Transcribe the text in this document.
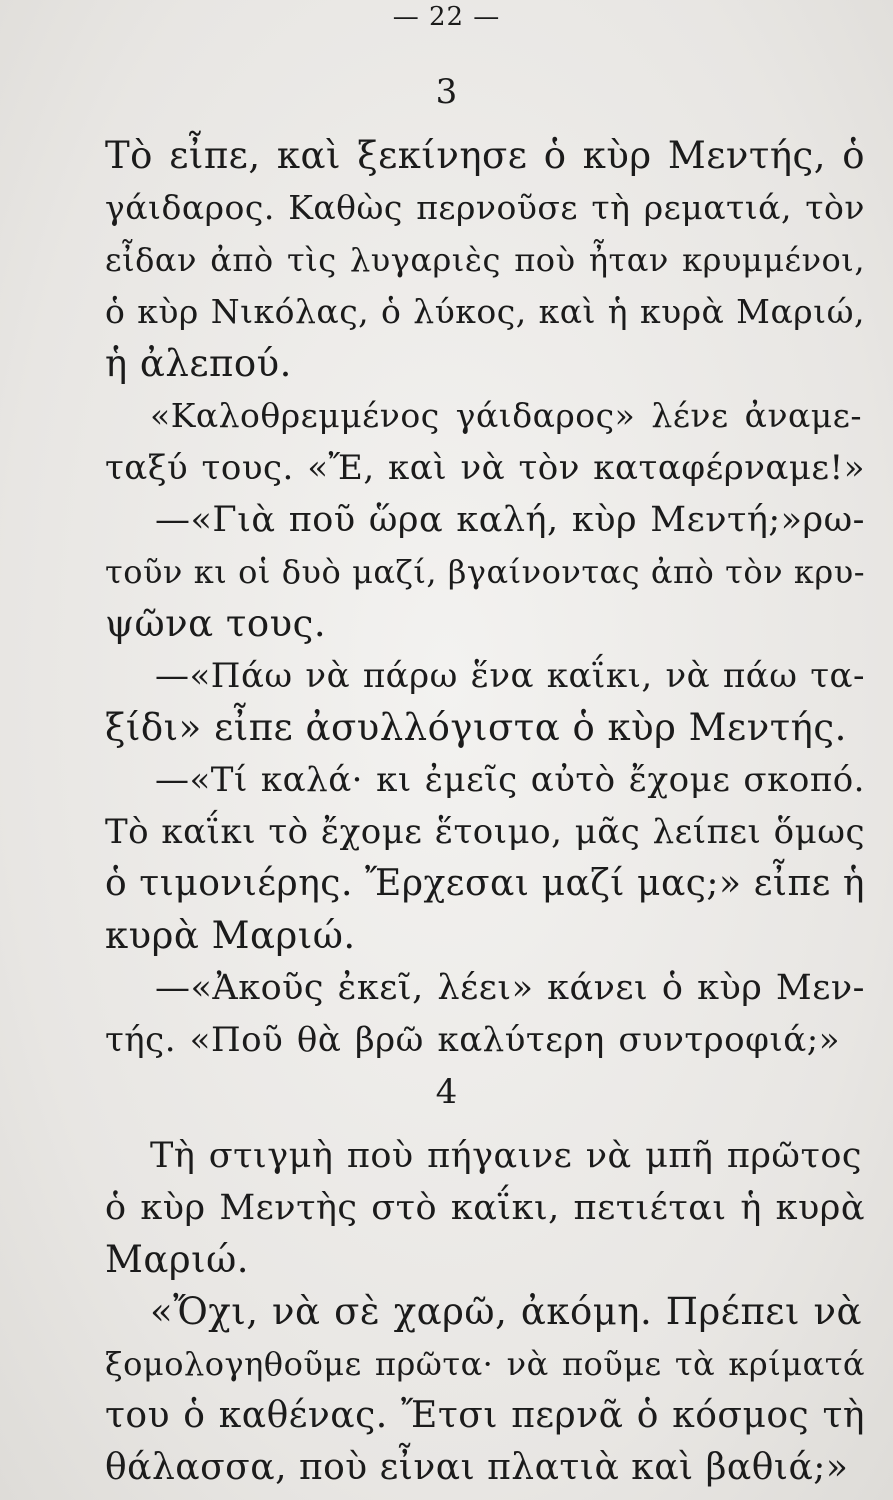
— 22 —
3
Τὸ εἶπε, καὶ ξεκίνησε ὁ κὺρ Μεντής, ὁ
γάιδαρος. Καθὼς περνοῦσε τὴ ρεματιά, τὸν
εἶδαν ἀπὸ τὶς λυγαριὲς ποὺ ἦταν κρυμμένοι,
ὁ κὺρ Νικόλας, ὁ λύκος, καὶ ἡ κυρὰ Μαριώ,
ἡ ἀλεπού.
«Καλοθρεμμένος γάιδαρος» λένε ἀναμε-
ταξύ τους. «Ἔ, καὶ νὰ τὸν καταφέρναμε!»
—«Γιὰ ποῦ ὥρα καλή, κὺρ Μεντή;»ρω-
τοῦν κι οἱ δυὸ μαζί, βγαίνοντας ἀπὸ τὸν κρυ-
ψῶνα τους.
—«Πάω νὰ πάρω ἕνα καΐκι, νὰ πάω τα-
ξίδι» εἶπε ἀσυλλόγιστα ὁ κὺρ Μεντής.
—«Τί καλά· κι ἐμεῖς αὐτὸ ἔχομε σκοπό.
Τὸ καΐκι τὸ ἔχομε ἕτοιμο, μᾶς λείπει ὅμως
ὁ τιμονιέρης. Ἔρχεσαι μαζί μας;» εἶπε ἡ
κυρὰ Μαριώ.
—«Ἀκοῦς ἐκεῖ, λέει» κάνει ὁ κὺρ Μεν-
τής. «Ποῦ θὰ βρῶ καλύτερη συντροφιά;»
4
Τὴ στιγμὴ ποὺ πήγαινε νὰ μπῆ πρῶτος
ὁ κὺρ Μεντὴς στὸ καΐκι, πετιέται ἡ κυρὰ
Μαριώ.
«Ὄχι, νὰ σὲ χαρῶ, ἀκόμη. Πρέπει νὰ
ξομολογηθοῦμε πρῶτα· νὰ ποῦμε τὰ κρίματά
του ὁ καθένας. Ἔτσι περνᾶ ὁ κόσμος τὴ
θάλασσα, ποὺ εἶναι πλατιὰ καὶ βαθιά;»
